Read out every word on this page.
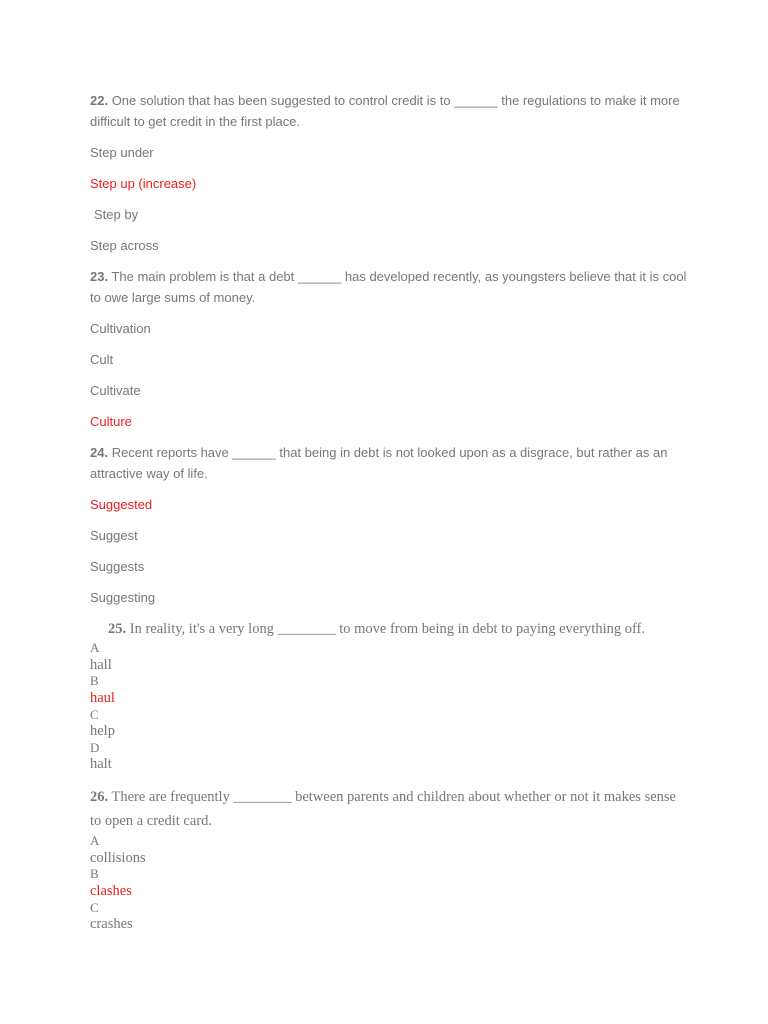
22. One solution that has been suggested to control credit is to ______ the regulations to make it more difficult to get credit in the first place.

Step under

Step up (increase)

Step by

Step across

23. The main problem is that a debt ______ has developed recently, as youngsters believe that it is cool to owe large sums of money.

Cultivation

Cult

Cultivate

Culture

24. Recent reports have ______ that being in debt is not looked upon as a disgrace, but rather as an attractive way of life.

Suggested

Suggest

Suggests

Suggesting

25. In reality, it's a very long ________ to move from being in debt to paying everything off.

A

hall

B

haul

C

help

D

halt

26. There are frequently ________ between parents and children about whether or not it makes sense to open a credit card.

A

collisions

B

clashes

C

crashes
